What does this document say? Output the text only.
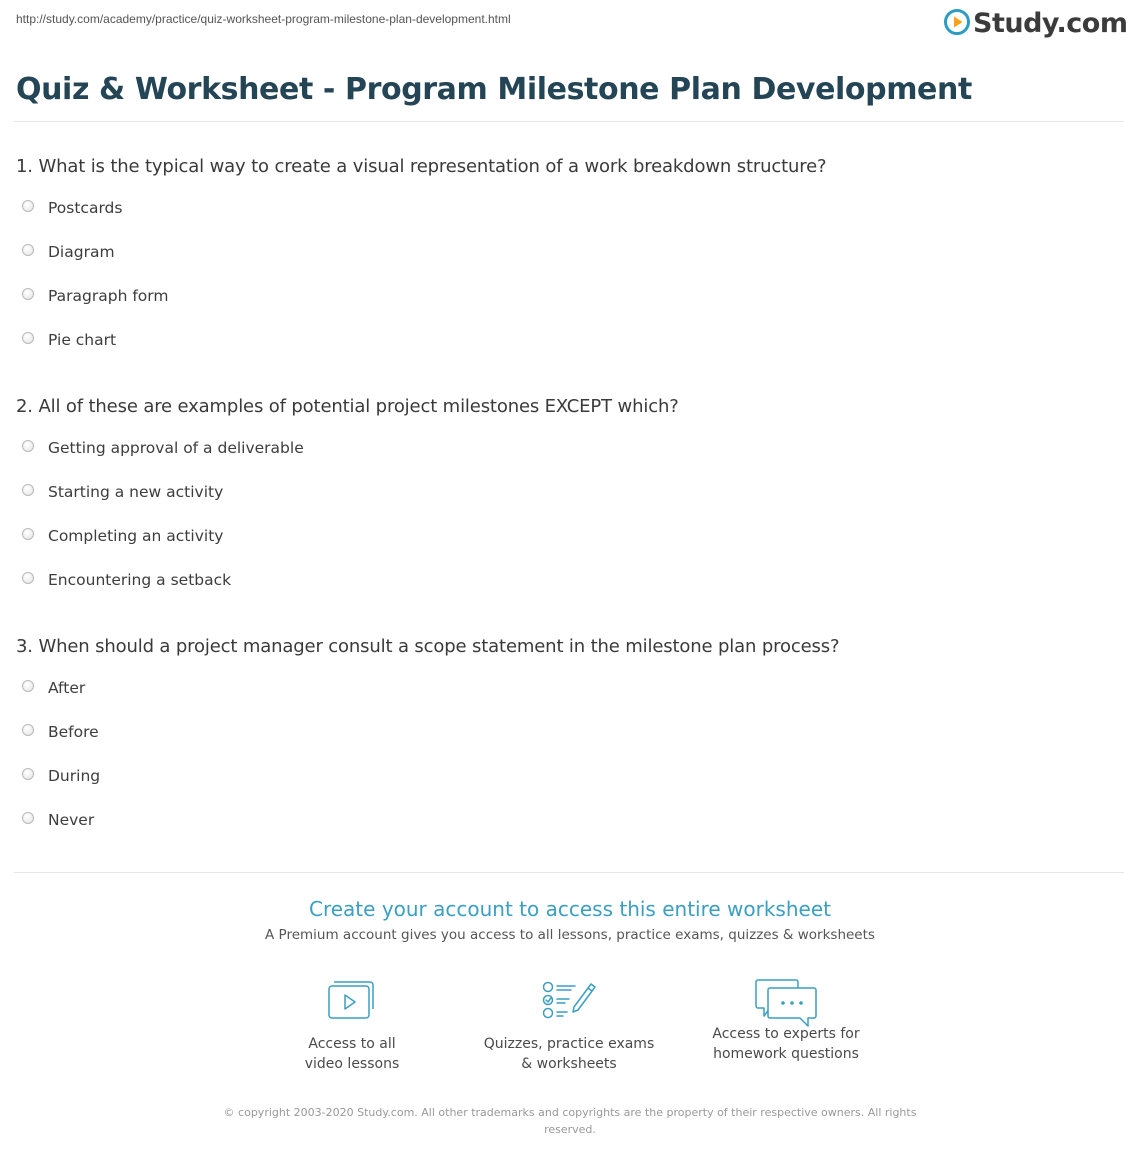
http://study.com/academy/practice/quiz-worksheet-program-milestone-plan-development.html	Study.com
Quiz & Worksheet - Program Milestone Plan Development

1. What is the typical way to create a visual representation of a work breakdown structure?

Postcards
Diagram
Paragraph form
Pie chart

2. All of these are examples of potential project milestones EXCEPT which?

Getting approval of a deliverable
Starting a new activity
Completing an activity
Encountering a setback

3. When should a project manager consult a scope statement in the milestone plan process?

After
Before
During
Never
Create your account to access this entire worksheet
A Premium account gives you access to all lessons, practice exams, quizzes & worksheets
Access to all
video lessons
Quizzes, practice exams
& worksheets
Access to experts for
homework questions
© copyright 2003-2020 Study.com. All other trademarks and copyrights are the property of their respective owners. All rights
reserved.
